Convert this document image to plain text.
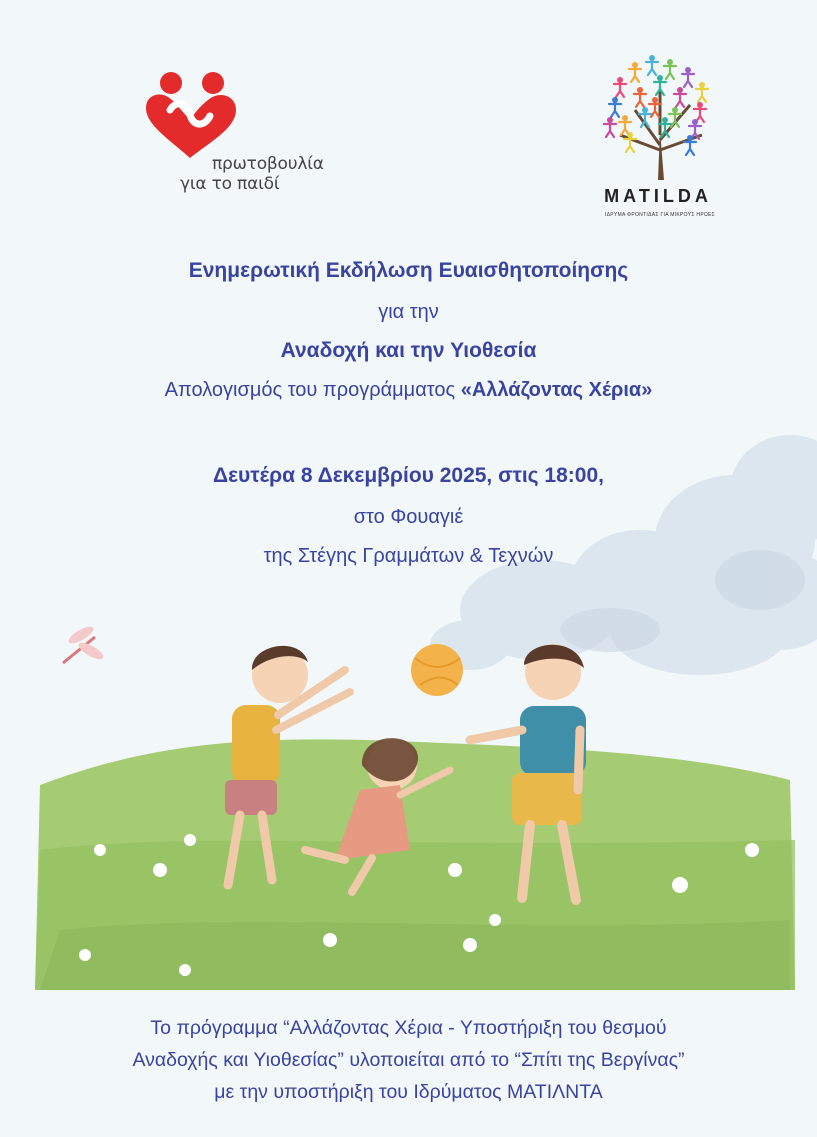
πρωτοβουλία
για το παιδί
MATILDA
ΙΔΡΥΜΑ ΦΡΟΝΤΙΔΑΣ ΓΙΑ ΜΙΚΡΟΥΣ ΗΡΩΕΣ
Ενημερωτική Εκδήλωση Ευαισθητοποίησης
για την
Αναδοχή και την Υιοθεσία
Απολογισμός του προγράμματος «Αλλάζοντας Χέρια»
Δευτέρα 8 Δεκεμβρίου 2025, στις 18:00,
στο Φουαγιέ
της Στέγης Γραμμάτων & Τεχνών
Το πρόγραμμα “Αλλάζοντας Χέρια - Υποστήριξη του θεσμού
Αναδοχής και Υιοθεσίας” υλοποιείται από το “Σπίτι της Βεργίνας”
με την υποστήριξη του Ιδρύματος ΜΑΤΙΛΝΤΑ
